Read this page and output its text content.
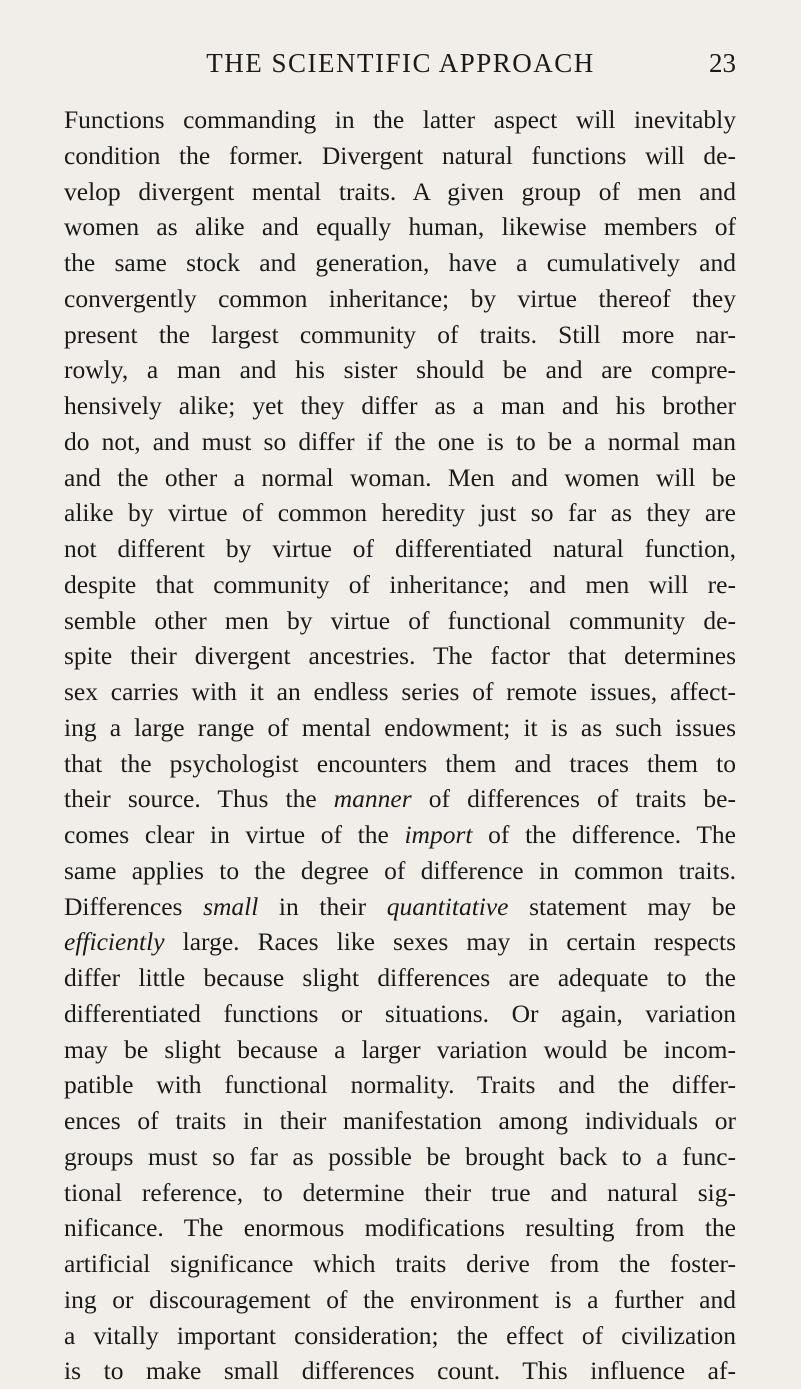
THE SCIENTIFIC APPROACH	23
Functions commanding in the latter aspect will inevitably
condition the former. Divergent natural functions will de-
velop divergent mental traits. A given group of men and
women as alike and equally human, likewise members of
the same stock and generation, have a cumulatively and
convergently common inheritance; by virtue thereof they
present the largest community of traits. Still more nar-
rowly, a man and his sister should be and are compre-
hensively alike; yet they differ as a man and his brother
do not, and must so differ if the one is to be a normal man
and the other a normal woman. Men and women will be
alike by virtue of common heredity just so far as they are
not different by virtue of differentiated natural function,
despite that community of inheritance; and men will re-
semble other men by virtue of functional community de-
spite their divergent ancestries. The factor that determines
sex carries with it an endless series of remote issues, affect-
ing a large range of mental endowment; it is as such issues
that the psychologist encounters them and traces them to
their source. Thus the manner of differences of traits be-
comes clear in virtue of the import of the difference. The
same applies to the degree of difference in common traits.
Differences small in their quantitative statement may be
efficiently large. Races like sexes may in certain respects
differ little because slight differences are adequate to the
differentiated functions or situations. Or again, variation
may be slight because a larger variation would be incom-
patible with functional normality. Traits and the differ-
ences of traits in their manifestation among individuals or
groups must so far as possible be brought back to a func-
tional reference, to determine their true and natural sig-
nificance. The enormous modifications resulting from the
artificial significance which traits derive from the foster-
ing or discouragement of the environment is a further and
a vitally important consideration; the effect of civilization
is to make small differences count. This influence af-
